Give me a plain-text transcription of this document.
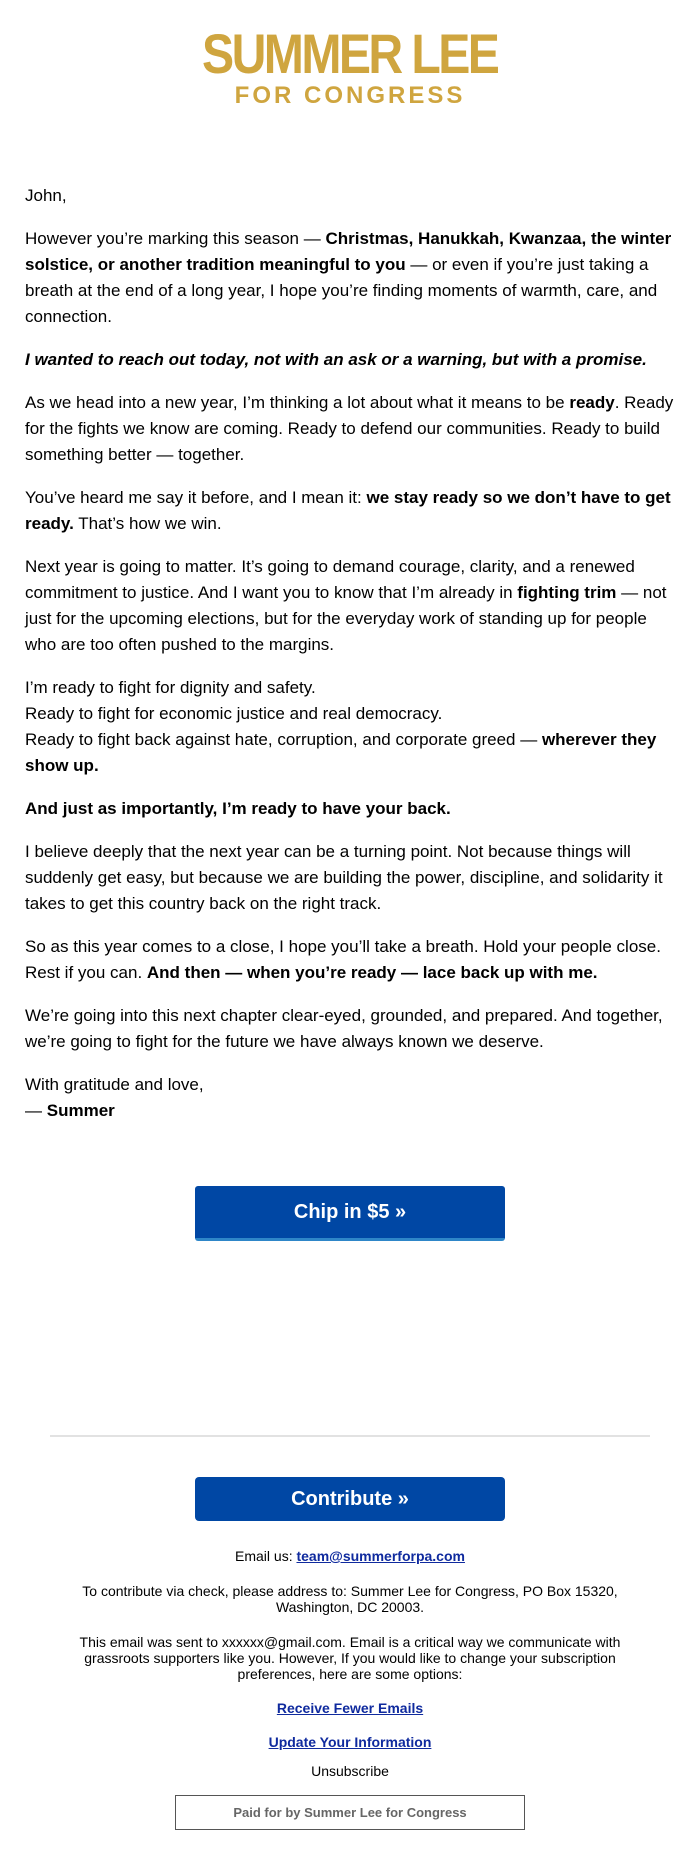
SUMMER LEE
FOR CONGRESS

John,

However you’re marking this season — Christmas, Hanukkah, Kwanzaa, the winter solstice, or another tradition meaningful to you — or even if you’re just taking a breath at the end of a long year, I hope you’re finding moments of warmth, care, and connection.

I wanted to reach out today, not with an ask or a warning, but with a promise.

As we head into a new year, I’m thinking a lot about what it means to be ready. Ready for the fights we know are coming. Ready to defend our communities. Ready to build something better — together.

You’ve heard me say it before, and I mean it: we stay ready so we don’t have to get ready. That’s how we win.

Next year is going to matter. It’s going to demand courage, clarity, and a renewed commitment to justice. And I want you to know that I’m already in fighting trim — not just for the upcoming elections, but for the everyday work of standing up for people who are too often pushed to the margins.

I’m ready to fight for dignity and safety.
Ready to fight for economic justice and real democracy.
Ready to fight back against hate, corruption, and corporate greed — wherever they show up.

And just as importantly, I’m ready to have your back.

I believe deeply that the next year can be a turning point. Not because things will suddenly get easy, but because we are building the power, discipline, and solidarity it takes to get this country back on the right track.

So as this year comes to a close, I hope you’ll take a breath. Hold your people close. Rest if you can. And then — when you’re ready — lace back up with me.

We’re going into this next chapter clear-eyed, grounded, and prepared. And together, we’re going to fight for the future we have always known we deserve.

With gratitude and love,
— Summer

Chip in $5 »
Contribute »

Email us: team@summerforpa.com

To contribute via check, please address to: Summer Lee for Congress, PO Box 15320, Washington, DC 20003.

This email was sent to xxxxxx@gmail.com. Email is a critical way we communicate with grassroots supporters like you. However, If you would like to change your subscription preferences, here are some options:

Receive Fewer Emails
Update Your Information

Unsubscribe

Paid for by Summer Lee for Congress
